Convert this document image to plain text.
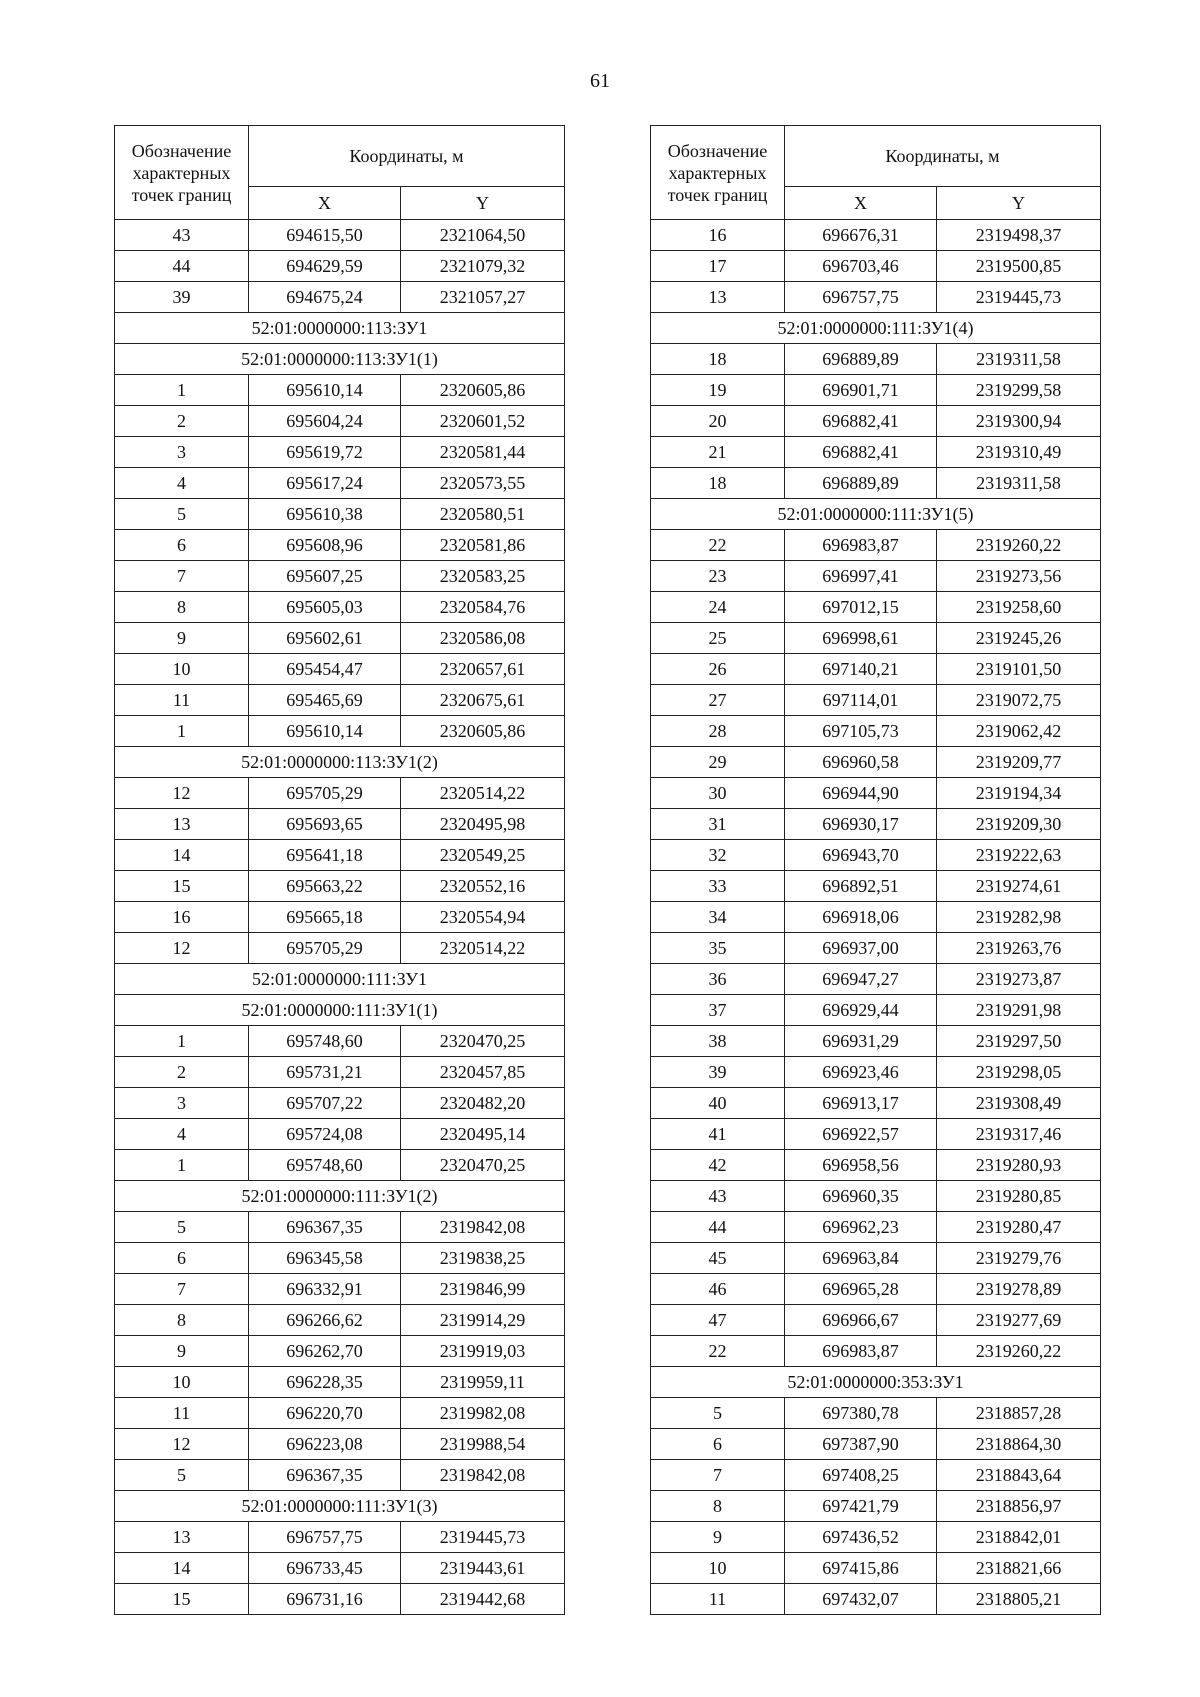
61
Обозначение характерных точек границ	Координаты, м	
	X	Y
43	694615,50	2321064,50
44	694629,59	2321079,32
39	694675,24	2321057,27
52:01:0000000:113:ЗУ1		
52:01:0000000:113:ЗУ1(1)		
1	695610,14	2320605,86
2	695604,24	2320601,52
3	695619,72	2320581,44
4	695617,24	2320573,55
5	695610,38	2320580,51
6	695608,96	2320581,86
7	695607,25	2320583,25
8	695605,03	2320584,76
9	695602,61	2320586,08
10	695454,47	2320657,61
11	695465,69	2320675,61
1	695610,14	2320605,86
52:01:0000000:113:ЗУ1(2)		
12	695705,29	2320514,22
13	695693,65	2320495,98
14	695641,18	2320549,25
15	695663,22	2320552,16
16	695665,18	2320554,94
12	695705,29	2320514,22
52:01:0000000:111:ЗУ1		
52:01:0000000:111:ЗУ1(1)		
1	695748,60	2320470,25
2	695731,21	2320457,85
3	695707,22	2320482,20
4	695724,08	2320495,14
1	695748,60	2320470,25
52:01:0000000:111:ЗУ1(2)		
5	696367,35	2319842,08
6	696345,58	2319838,25
7	696332,91	2319846,99
8	696266,62	2319914,29
9	696262,70	2319919,03
10	696228,35	2319959,11
11	696220,70	2319982,08
12	696223,08	2319988,54
5	696367,35	2319842,08
52:01:0000000:111:ЗУ1(3)		
13	696757,75	2319445,73
14	696733,45	2319443,61
15	696731,16	2319442,68
Обозначение характерных точек границ	Координаты, м	
	X	Y
16	696676,31	2319498,37
17	696703,46	2319500,85
13	696757,75	2319445,73
52:01:0000000:111:ЗУ1(4)		
18	696889,89	2319311,58
19	696901,71	2319299,58
20	696882,41	2319300,94
21	696882,41	2319310,49
18	696889,89	2319311,58
52:01:0000000:111:ЗУ1(5)		
22	696983,87	2319260,22
23	696997,41	2319273,56
24	697012,15	2319258,60
25	696998,61	2319245,26
26	697140,21	2319101,50
27	697114,01	2319072,75
28	697105,73	2319062,42
29	696960,58	2319209,77
30	696944,90	2319194,34
31	696930,17	2319209,30
32	696943,70	2319222,63
33	696892,51	2319274,61
34	696918,06	2319282,98
35	696937,00	2319263,76
36	696947,27	2319273,87
37	696929,44	2319291,98
38	696931,29	2319297,50
39	696923,46	2319298,05
40	696913,17	2319308,49
41	696922,57	2319317,46
42	696958,56	2319280,93
43	696960,35	2319280,85
44	696962,23	2319280,47
45	696963,84	2319279,76
46	696965,28	2319278,89
47	696966,67	2319277,69
22	696983,87	2319260,22
52:01:0000000:353:ЗУ1		
5	697380,78	2318857,28
6	697387,90	2318864,30
7	697408,25	2318843,64
8	697421,79	2318856,97
9	697436,52	2318842,01
10	697415,86	2318821,66
11	697432,07	2318805,21
